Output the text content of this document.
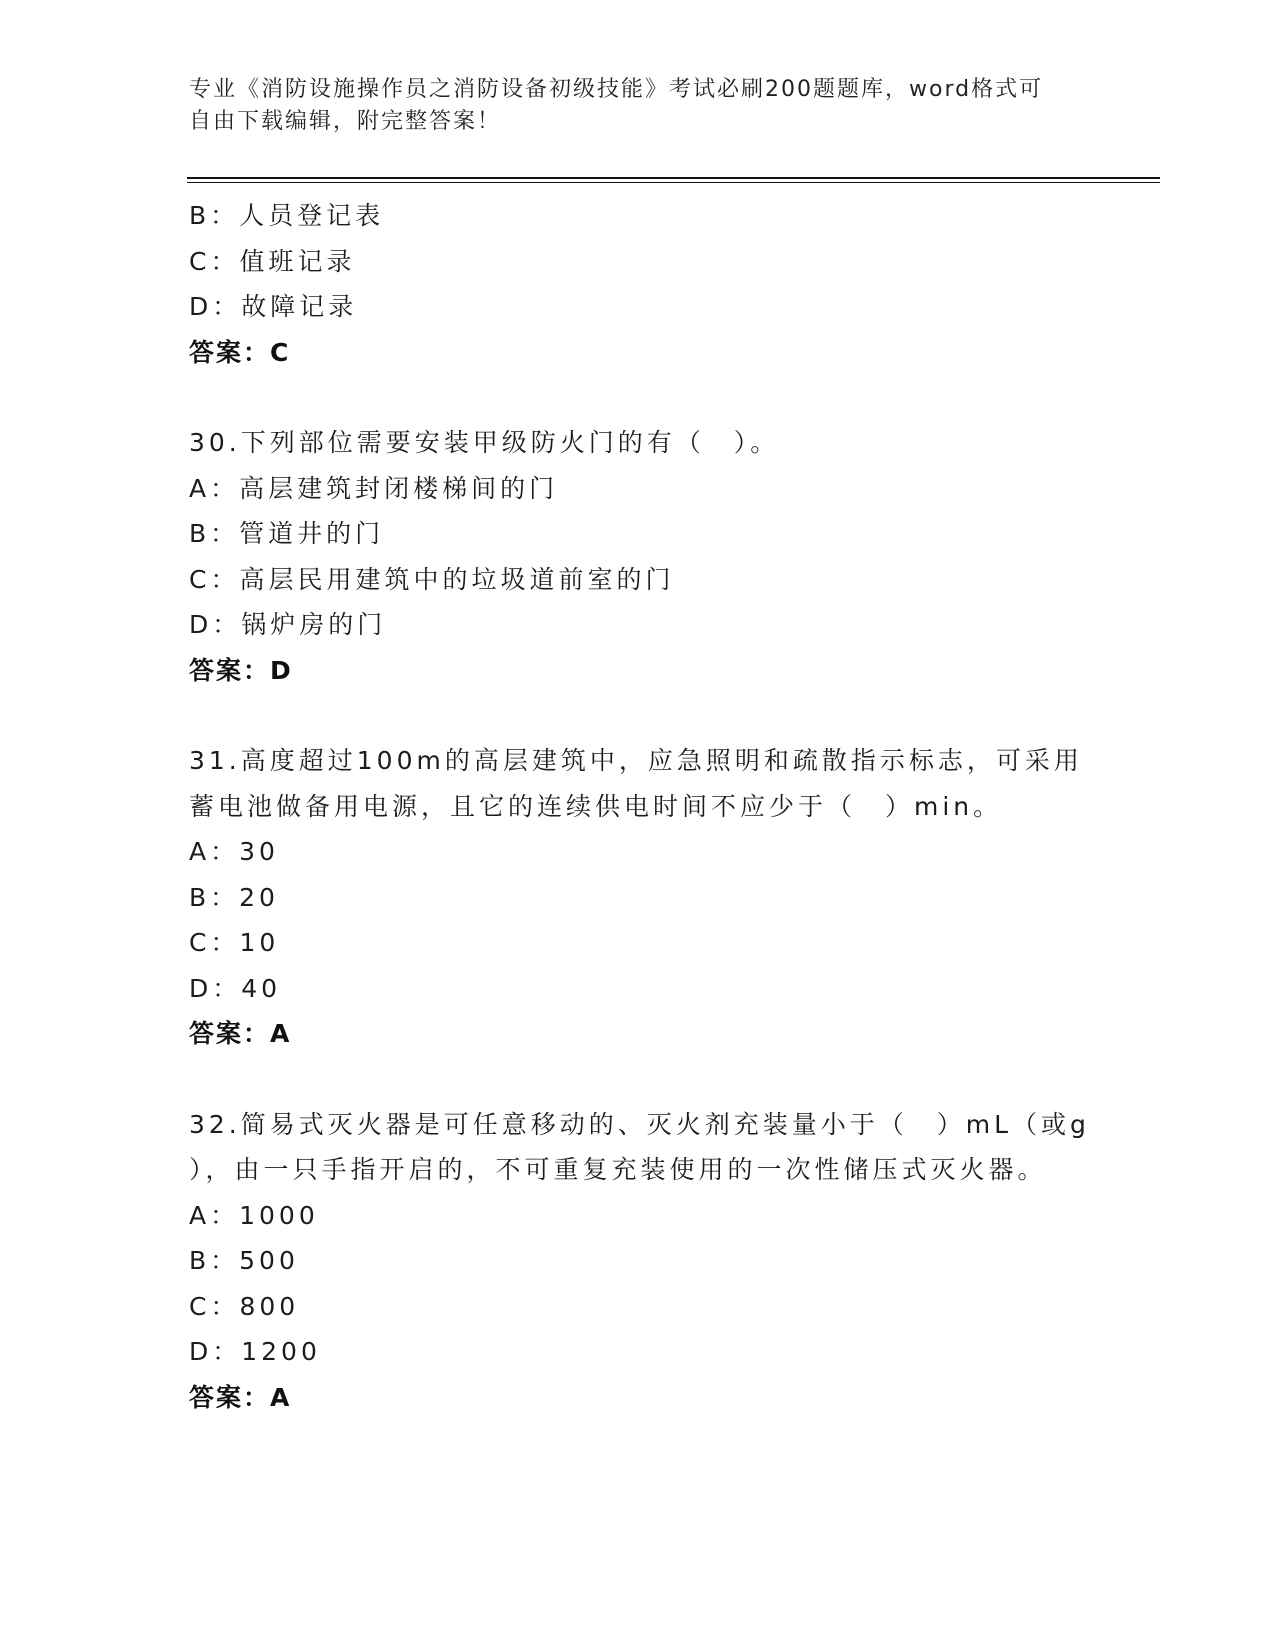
专业《消防设施操作员之消防设备初级技能》考试必刷200题题库，word格式可
自由下载编辑，附完整答案！
B：人员登记表
C：值班记录
D：故障记录
答案：C
30.下列部位需要安装甲级防火门的有（　）。
A：高层建筑封闭楼梯间的门
B：管道井的门
C：高层民用建筑中的垃圾道前室的门
D：锅炉房的门
答案：D
31.高度超过100m的高层建筑中，应急照明和疏散指示标志，可采用
蓄电池做备用电源，且它的连续供电时间不应少于（　）min。
A：30
B：20
C：10
D：40
答案：A
32.简易式灭火器是可任意移动的、灭火剂充装量小于（　）mL（或g
），由一只手指开启的，不可重复充装使用的一次性储压式灭火器。
A：1000
B：500
C：800
D：1200
答案：A
